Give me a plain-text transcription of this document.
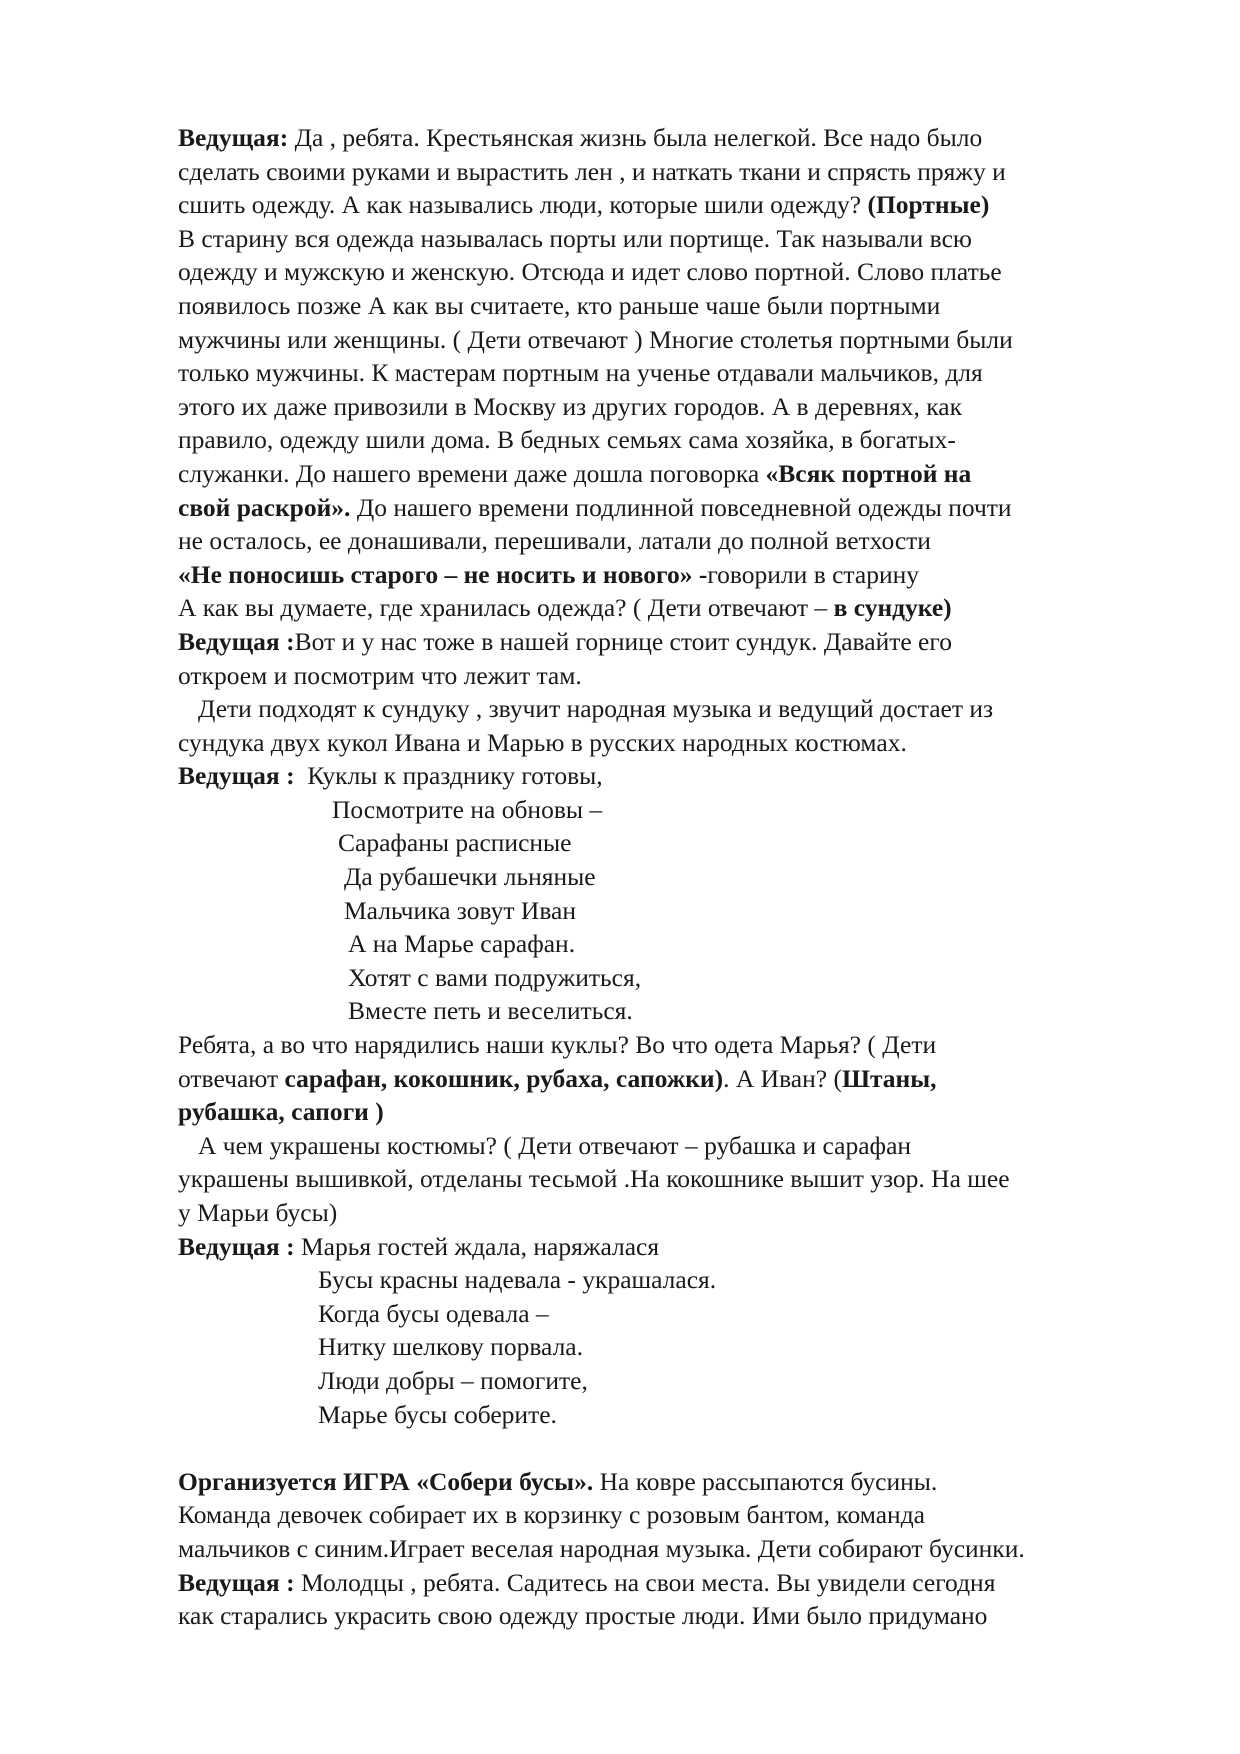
Ведущая: Да , ребята. Крестьянская жизнь была нелегкой. Все надо было
сделать своими руками и вырастить лен , и наткать ткани и спрясть пряжу и
сшить одежду. А как назывались люди, которые шили одежду? (Портные)
В старину вся одежда называлась порты или портище. Так называли всю
одежду и мужскую и женскую. Отсюда и идет слово портной. Слово платье
появилось позже А как вы считаете, кто раньше чаше были портными
мужчины или женщины. ( Дети отвечают ) Многие столетья портными были
только мужчины. К мастерам портным на ученье отдавали мальчиков, для
этого их даже привозили в Москву из других городов. А в деревнях, как
правило, одежду шили дома. В бедных семьях сама хозяйка, в богатых-
служанки. До нашего времени даже дошла поговорка «Всяк портной на
свой раскрой». До нашего времени подлинной повседневной одежды почти
не осталось, ее донашивали, перешивали, латали до полной ветхости
«Не поносишь старого – не носить и нового» -говорили в старину
А как вы думаете, где хранилась одежда? ( Дети отвечают – в сундуке)
Ведущая :Вот и у нас тоже в нашей горнице стоит сундук. Давайте его
откроем и посмотрим что лежит там.
Дети подходят к сундуку , звучит народная музыка и ведущий достает из
сундука двух кукол Ивана и Марью в русских народных костюмах.
Ведущая : Куклы к празднику готовы,
Посмотрите на обновы –
Сарафаны расписные
Да рубашечки льняные
Мальчика зовут Иван
А на Марье сарафан.
Хотят с вами подружиться,
Вместе петь и веселиться.
Ребята, а во что нарядились наши куклы? Во что одета Марья? ( Дети
отвечают сарафан, кокошник, рубаха, сапожки). А Иван? (Штаны,
рубашка, сапоги )
А чем украшены костюмы? ( Дети отвечают – рубашка и сарафан
украшены вышивкой, отделаны тесьмой .На кокошнике вышит узор. На шее
у Марьи бусы)
Ведущая : Марья гостей ждала, наряжалася
Бусы красны надевала - украшалася.
Когда бусы одевала –
Нитку шелкову порвала.
Люди добры – помогите,
Марье бусы соберите.
Организуется ИГРА «Собери бусы». На ковре рассыпаются бусины.
Команда девочек собирает их в корзинку с розовым бантом, команда
мальчиков с синим.Играет веселая народная музыка. Дети собирают бусинки.
Ведущая : Молодцы , ребята. Садитесь на свои места. Вы увидели сегодня
как старались украсить свою одежду простые люди. Ими было придумано
